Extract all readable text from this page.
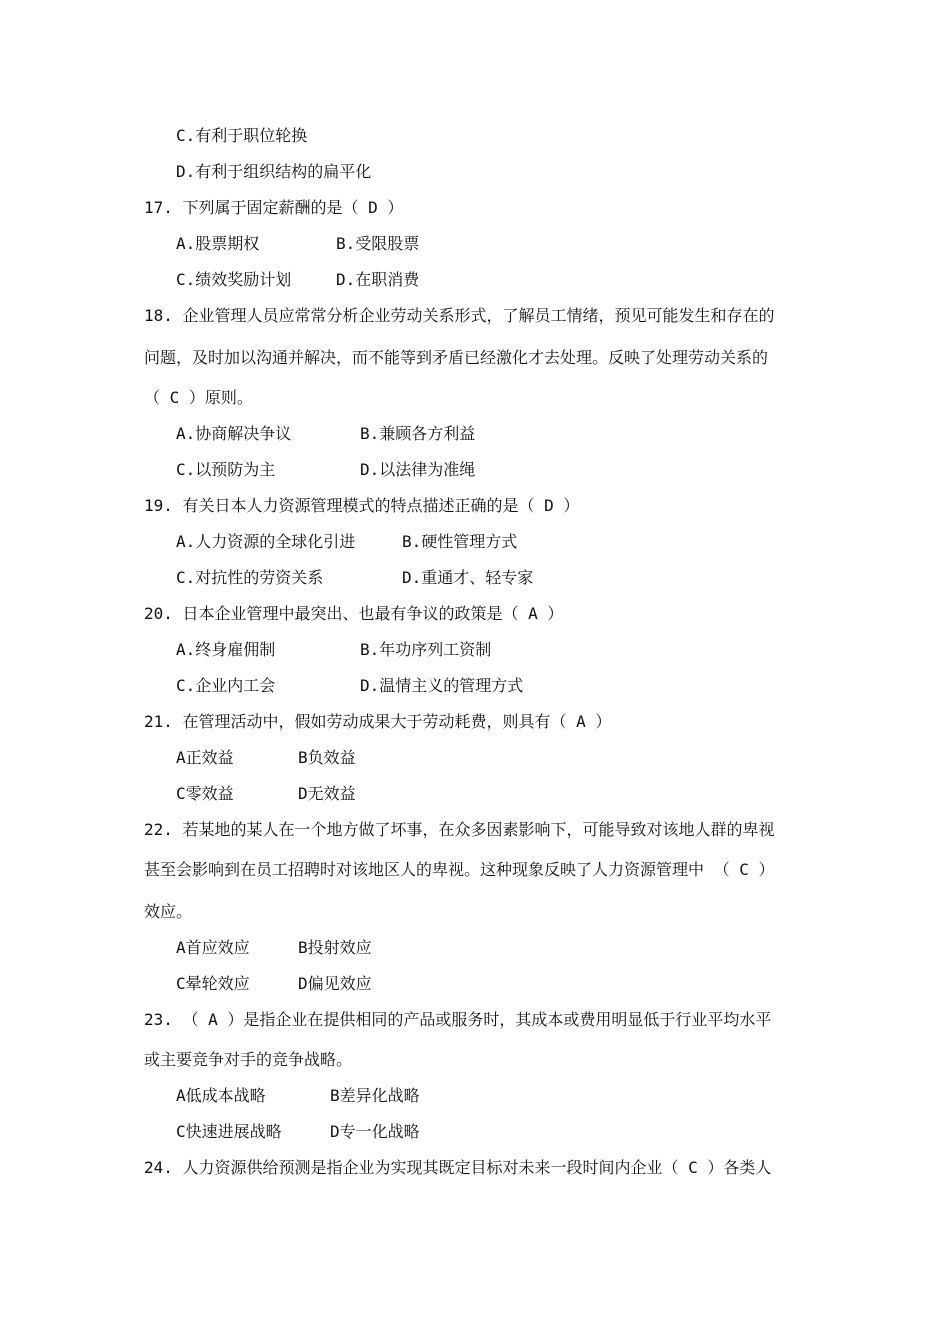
C.有利于职位轮换
D.有利于组织结构的扁平化
17. 下列属于固定薪酬的是（ D ）
A.股票期权	B.受限股票
C.绩效奖励计划	D.在职消费
18. 企业管理人员应常常分析企业劳动关系形式，了解员工情绪，预见可能发生和存在的
问题，及时加以沟通并解决，而不能等到矛盾已经激化才去处理。反映了处理劳动关系的
（ C ）原则。
A.协商解决争议	B.兼顾各方利益
C.以预防为主	D.以法律为准绳
19. 有关日本人力资源管理模式的特点描述正确的是（ D ）
A.人力资源的全球化引进	B.硬性管理方式
C.对抗性的劳资关系	D.重通才、轻专家
20. 日本企业管理中最突出、也最有争议的政策是（ A ）
A.终身雇佣制	B.年功序列工资制
C.企业内工会	D.温情主义的管理方式
21. 在管理活动中，假如劳动成果大于劳动耗费，则具有（ A ）
A正效益	B负效益
C零效益	D无效益
22. 若某地的某人在一个地方做了坏事，在众多因素影响下，可能导致对该地人群的卑视
甚至会影响到在员工招聘时对该地区人的卑视。这种现象反映了人力资源管理中 （ C ）
效应。
A首应效应	B投射效应
C晕轮效应	D偏见效应
23. （ A ）是指企业在提供相同的产品或服务时，其成本或费用明显低于行业平均水平
或主要竞争对手的竞争战略。
A低成本战略	B差异化战略
C快速进展战略	D专一化战略
24. 人力资源供给预测是指企业为实现其既定目标对未来一段时间内企业（ C ）各类人
